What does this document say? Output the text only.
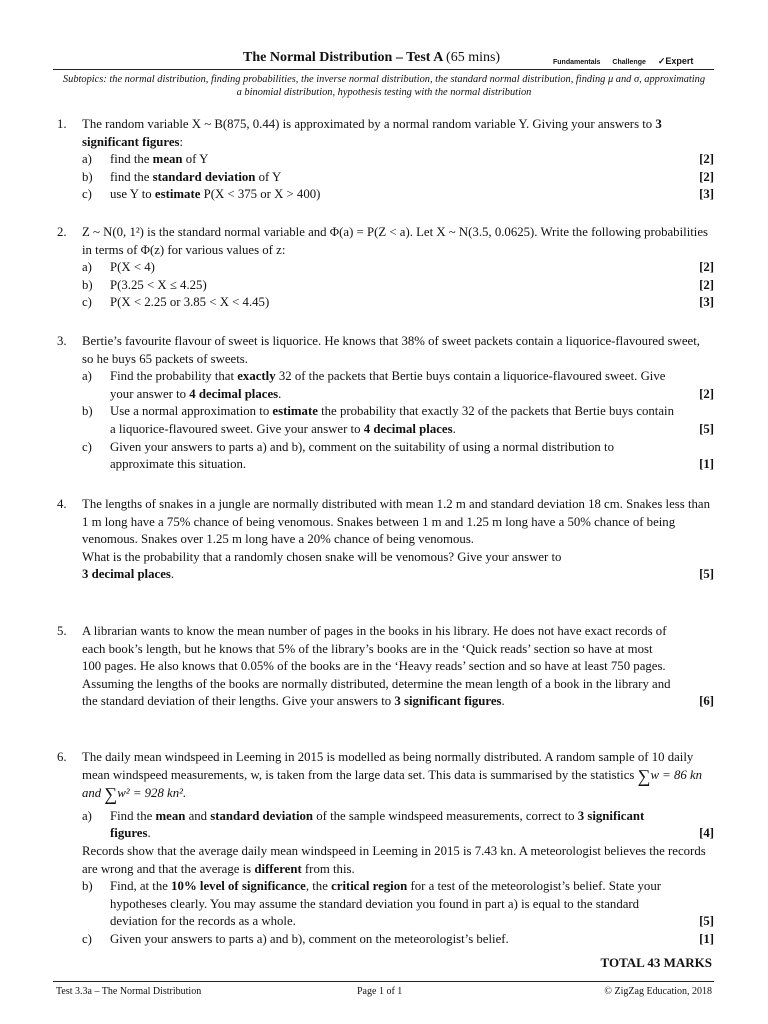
The Normal Distribution – Test A (65 mins)	Fundamentals Challenge ✓Expert
Subtopics: the normal distribution, finding probabilities, the inverse normal distribution, the standard normal distribution, finding μ and σ, approximating a binomial distribution, hypothesis testing with the normal distribution
1. The random variable X ~ B(875, 0.44) is approximated by a normal random variable Y. Giving your answers to 3 significant figures:
a)	find the mean of Y	[2]
b)	find the standard deviation of Y	[2]
c)	use Y to estimate P(X < 375 or X > 400)	[3]
2. Z ~ N(0, 1²) is the standard normal variable and Φ(a) = P(Z < a). Let X ~ N(3.5, 0.0625). Write the following probabilities in terms of Φ(z) for various values of z:
a)	P(X < 4)	[2]
b)	P(3.25 < X ≤ 4.25)	[2]
c)	P(X < 2.25 or 3.85 < X < 4.45)	[3]
3. Bertie’s favourite flavour of sweet is liquorice. He knows that 38% of sweet packets contain a liquorice-flavoured sweet, so he buys 65 packets of sweets.
a)	Find the probability that exactly 32 of the packets that Bertie buys contain a liquorice-flavoured sweet. Give your answer to 4 decimal places.	[2]
b)	Use a normal approximation to estimate the probability that exactly 32 of the packets that Bertie buys contain a liquorice-flavoured sweet. Give your answer to 4 decimal places.	[5]
c)	Given your answers to parts a) and b), comment on the suitability of using a normal distribution to approximate this situation.	[1]
4. The lengths of snakes in a jungle are normally distributed with mean 1.2 m and standard deviation 18 cm. Snakes less than 1 m long have a 75% chance of being venomous. Snakes between 1 m and 1.25 m long have a 50% chance of being venomous. Snakes over 1.25 m long have a 20% chance of being venomous.
What is the probability that a randomly chosen snake will be venomous? Give your answer to
3 decimal places.	[5]
5. A librarian wants to know the mean number of pages in the books in his library. He does not have exact records of each book’s length, but he knows that 5% of the library’s books are in the ‘Quick reads’ section so have at most 100 pages. He also knows that 0.05% of the books are in the ‘Heavy reads’ section and so have at least 750 pages. Assuming the lengths of the books are normally distributed, determine the mean length of a book in the library and the standard deviation of their lengths. Give your answers to 3 significant figures.	[6]
6. The daily mean windspeed in Leeming in 2015 is modelled as being normally distributed. A random sample of 10 daily mean windspeed measurements, w, is taken from the large data set. This data is summarised by the statistics ∑w = 86 kn and ∑w² = 928 kn².
a)	Find the mean and standard deviation of the sample windspeed measurements, correct to 3 significant figures.	[4]
Records show that the average daily mean windspeed in Leeming in 2015 is 7.43 kn. A meteorologist believes the records are wrong and that the average is different from this.
b)	Find, at the 10% level of significance, the critical region for a test of the meteorologist’s belief. State your hypotheses clearly. You may assume the standard deviation you found in part a) is equal to the standard deviation for the records as a whole.	[5]
c)	Given your answers to parts a) and b), comment on the meteorologist’s belief.	[1]
TOTAL 43 MARKS
Test 3.3a – The Normal Distribution	Page 1 of 1	© ZigZag Education, 2018
